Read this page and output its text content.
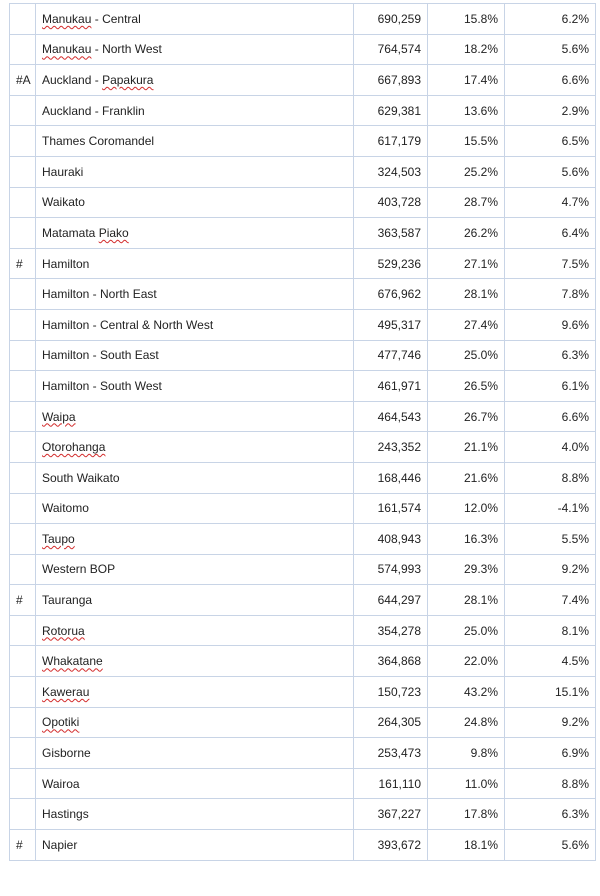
	Manukau - Central	690,259	15.8%	6.2%
	Manukau - North West	764,574	18.2%	5.6%
#A	Auckland - Papakura	667,893	17.4%	6.6%
	Auckland - Franklin	629,381	13.6%	2.9%
	Thames Coromandel	617,179	15.5%	6.5%
	Hauraki	324,503	25.2%	5.6%
	Waikato	403,728	28.7%	4.7%
	Matamata Piako	363,587	26.2%	6.4%
#	Hamilton	529,236	27.1%	7.5%
	Hamilton - North East	676,962	28.1%	7.8%
	Hamilton - Central & North West	495,317	27.4%	9.6%
	Hamilton - South East	477,746	25.0%	6.3%
	Hamilton - South West	461,971	26.5%	6.1%
	Waipa	464,543	26.7%	6.6%
	Otorohanga	243,352	21.1%	4.0%
	South Waikato	168,446	21.6%	8.8%
	Waitomo	161,574	12.0%	-4.1%
	Taupo	408,943	16.3%	5.5%
	Western BOP	574,993	29.3%	9.2%
#	Tauranga	644,297	28.1%	7.4%
	Rotorua	354,278	25.0%	8.1%
	Whakatane	364,868	22.0%	4.5%
	Kawerau	150,723	43.2%	15.1%
	Opotiki	264,305	24.8%	9.2%
	Gisborne	253,473	9.8%	6.9%
	Wairoa	161,110	11.0%	8.8%
	Hastings	367,227	17.8%	6.3%
#	Napier	393,672	18.1%	5.6%
